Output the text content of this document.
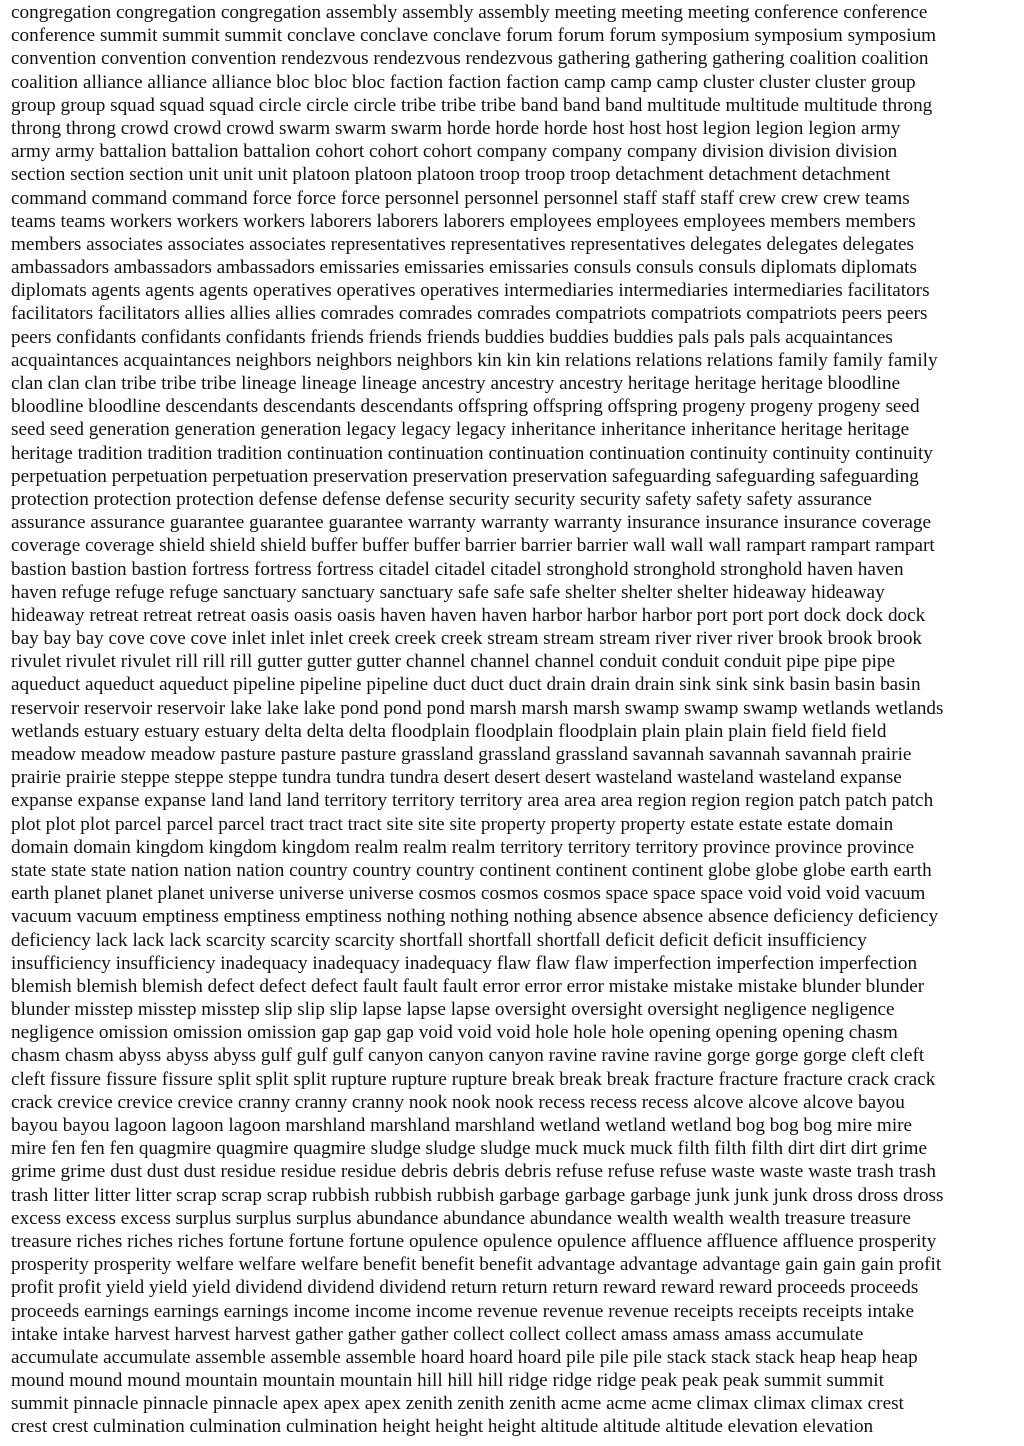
congregation congregation congregation assembly assembly assembly meeting meeting meeting conference conference
conference summit summit summit conclave conclave conclave forum forum forum symposium symposium symposium
convention convention convention rendezvous rendezvous rendezvous gathering gathering gathering coalition coalition
coalition alliance alliance alliance bloc bloc bloc faction faction faction camp camp camp cluster cluster cluster group
group group squad squad squad circle circle circle tribe tribe tribe band band band multitude multitude multitude throng
throng throng crowd crowd crowd swarm swarm swarm horde horde horde host host host legion legion legion army
army army battalion battalion battalion cohort cohort cohort company company company division division division
section section section unit unit unit platoon platoon platoon troop troop troop detachment detachment detachment
command command command force force force personnel personnel personnel staff staff staff crew crew crew teams
teams teams workers workers workers laborers laborers laborers employees employees employees members members
members associates associates associates representatives representatives representatives delegates delegates delegates
ambassadors ambassadors ambassadors emissaries emissaries emissaries consuls consuls consuls diplomats diplomats
diplomats agents agents agents operatives operatives operatives intermediaries intermediaries intermediaries facilitators
facilitators facilitators allies allies allies comrades comrades comrades compatriots compatriots compatriots peers peers
peers confidants confidants confidants friends friends friends buddies buddies buddies pals pals pals acquaintances
acquaintances acquaintances neighbors neighbors neighbors kin kin kin relations relations relations family family family
clan clan clan tribe tribe tribe lineage lineage lineage ancestry ancestry ancestry heritage heritage heritage bloodline
bloodline bloodline descendants descendants descendants offspring offspring offspring progeny progeny progeny seed
seed seed generation generation generation legacy legacy legacy inheritance inheritance inheritance heritage heritage
heritage tradition tradition tradition continuation continuation continuation continuation continuity continuity continuity
perpetuation perpetuation perpetuation preservation preservation preservation safeguarding safeguarding safeguarding
protection protection protection defense defense defense security security security safety safety safety assurance
assurance assurance guarantee guarantee guarantee warranty warranty warranty insurance insurance insurance coverage
coverage coverage shield shield shield buffer buffer buffer barrier barrier barrier wall wall wall rampart rampart rampart
bastion bastion bastion fortress fortress fortress citadel citadel citadel stronghold stronghold stronghold haven haven
haven refuge refuge refuge sanctuary sanctuary sanctuary safe safe safe shelter shelter shelter hideaway hideaway
hideaway retreat retreat retreat oasis oasis oasis haven haven haven harbor harbor harbor port port port dock dock dock
bay bay bay cove cove cove inlet inlet inlet creek creek creek stream stream stream river river river brook brook brook
rivulet rivulet rivulet rill rill rill gutter gutter gutter channel channel channel conduit conduit conduit pipe pipe pipe
aqueduct aqueduct aqueduct pipeline pipeline pipeline duct duct duct drain drain drain sink sink sink basin basin basin
reservoir reservoir reservoir lake lake lake pond pond pond marsh marsh marsh swamp swamp swamp wetlands wetlands
wetlands estuary estuary estuary delta delta delta floodplain floodplain floodplain plain plain plain field field field
meadow meadow meadow pasture pasture pasture grassland grassland grassland savannah savannah savannah prairie
prairie prairie steppe steppe steppe tundra tundra tundra desert desert desert wasteland wasteland wasteland expanse
expanse expanse expanse land land land territory territory territory area area area region region region patch patch patch
plot plot plot parcel parcel parcel tract tract tract site site site property property property estate estate estate domain
domain domain kingdom kingdom kingdom realm realm realm territory territory territory province province province
state state state nation nation nation country country country continent continent continent globe globe globe earth earth
earth planet planet planet universe universe universe cosmos cosmos cosmos space space space void void void vacuum
vacuum vacuum emptiness emptiness emptiness nothing nothing nothing absence absence absence deficiency deficiency
deficiency lack lack lack scarcity scarcity scarcity shortfall shortfall shortfall deficit deficit deficit insufficiency
insufficiency insufficiency inadequacy inadequacy inadequacy flaw flaw flaw imperfection imperfection imperfection
blemish blemish blemish defect defect defect fault fault fault error error error mistake mistake mistake blunder blunder
blunder misstep misstep misstep slip slip slip lapse lapse lapse oversight oversight oversight negligence negligence
negligence omission omission omission gap gap gap void void void hole hole hole opening opening opening chasm
chasm chasm abyss abyss abyss gulf gulf gulf canyon canyon canyon ravine ravine ravine gorge gorge gorge cleft cleft
cleft fissure fissure fissure split split split rupture rupture rupture break break break fracture fracture fracture crack crack
crack crevice crevice crevice cranny cranny cranny nook nook nook recess recess recess alcove alcove alcove bayou
bayou bayou lagoon lagoon lagoon marshland marshland marshland wetland wetland wetland bog bog bog mire mire
mire fen fen fen quagmire quagmire quagmire sludge sludge sludge muck muck muck filth filth filth dirt dirt dirt grime
grime grime dust dust dust residue residue residue debris debris debris refuse refuse refuse waste waste waste trash trash
trash litter litter litter scrap scrap scrap rubbish rubbish rubbish garbage garbage garbage junk junk junk dross dross dross
excess excess excess surplus surplus surplus abundance abundance abundance wealth wealth wealth treasure treasure
treasure riches riches riches fortune fortune fortune opulence opulence opulence affluence affluence affluence prosperity
prosperity prosperity welfare welfare welfare benefit benefit benefit advantage advantage advantage gain gain gain profit
profit profit yield yield yield dividend dividend dividend return return return reward reward reward proceeds proceeds
proceeds earnings earnings earnings income income income revenue revenue revenue receipts receipts receipts intake
intake intake harvest harvest harvest gather gather gather collect collect collect amass amass amass accumulate
accumulate accumulate assemble assemble assemble hoard hoard hoard pile pile pile stack stack stack heap heap heap
mound mound mound mountain mountain mountain hill hill hill ridge ridge ridge peak peak peak summit summit
summit pinnacle pinnacle pinnacle apex apex apex zenith zenith zenith acme acme acme climax climax climax crest
crest crest culmination culmination culmination height height height altitude altitude altitude elevation elevation
